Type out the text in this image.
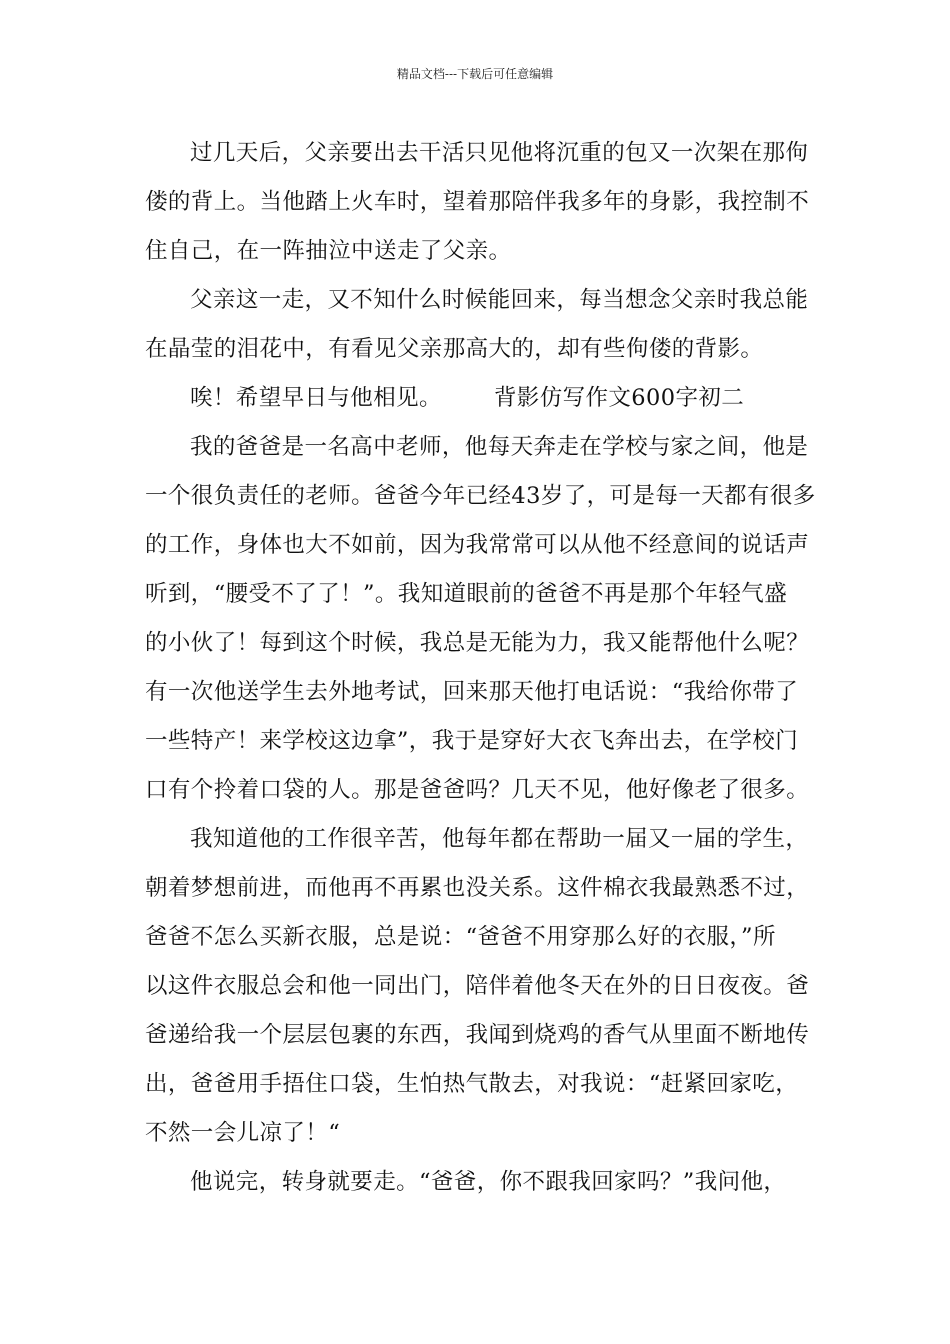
精品文档---下载后可任意编辑
过几天后，父亲要出去干活只见他将沉重的包又一次架在那佝
偻的背上。当他踏上火车时，望着那陪伴我多年的身影，我控制不
住自己，在一阵抽泣中送走了父亲。
父亲这一走，又不知什么时候能回来，每当想念父亲时我总能
在晶莹的泪花中，有看见父亲那高大的，却有些佝偻的背影。
唉！希望早日与他相见。 背影仿写作文600字初二
我的爸爸是一名高中老师，他每天奔走在学校与家之间，他是
一个很负责任的老师。爸爸今年已经43岁了，可是每一天都有很多
的工作，身体也大不如前，因为我常常可以从他不经意间的说话声
听到，“腰受不了了！”。我知道眼前的爸爸不再是那个年轻气盛
的小伙了！每到这个时候，我总是无能为力，我又能帮他什么呢？
有一次他送学生去外地考试，回来那天他打电话说：“我给你带了
一些特产！来学校这边拿”，我于是穿好大衣飞奔出去，在学校门
口有个拎着口袋的人。那是爸爸吗？几天不见，他好像老了很多。
我知道他的工作很辛苦，他每年都在帮助一届又一届的学生，
朝着梦想前进，而他再不再累也没关系。这件棉衣我最熟悉不过，
爸爸不怎么买新衣服，总是说：“爸爸不用穿那么好的衣服，”所
以这件衣服总会和他一同出门，陪伴着他冬天在外的日日夜夜。爸
爸递给我一个层层包裹的东西，我闻到烧鸡的香气从里面不断地传
出，爸爸用手捂住口袋，生怕热气散去，对我说：“赶紧回家吃，
不然一会儿凉了！“
他说完，转身就要走。“爸爸，你不跟我回家吗？”我问他，
